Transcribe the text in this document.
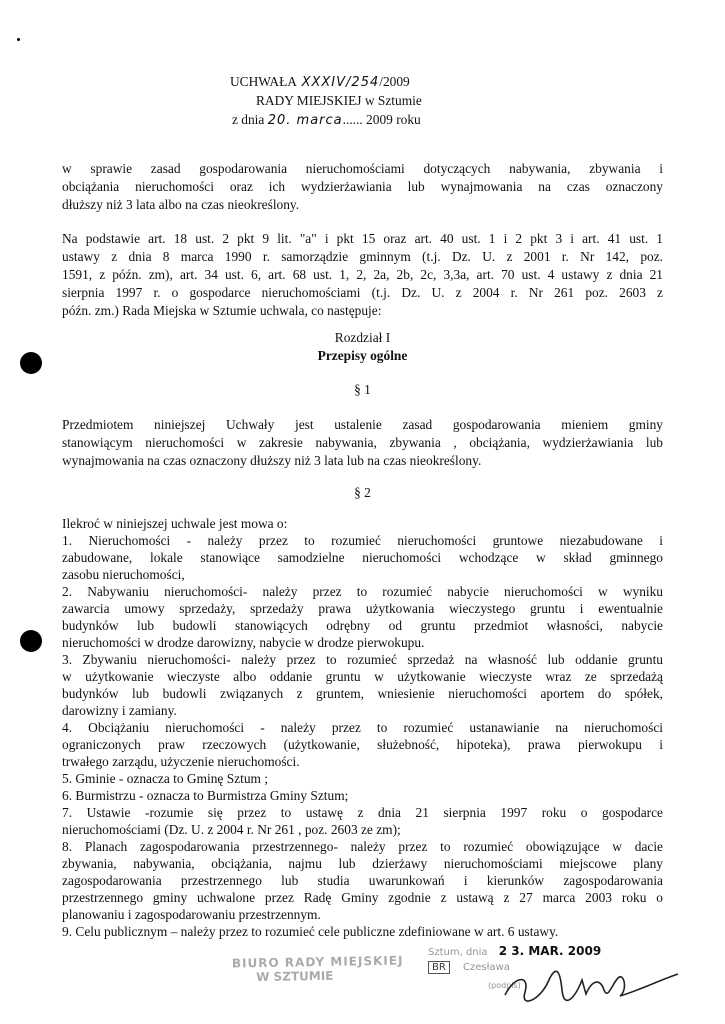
UCHWAŁA XXXIV/254/2009
RADY MIEJSKIEJ w Sztumie
z dnia 20. marca...... 2009 roku
w sprawie zasad gospodarowania nieruchomościami dotyczących nabywania, zbywania i
obciążania nieruchomości oraz ich wydzierżawiania lub wynajmowania na czas oznaczony
dłuższy niż 3 lata albo na czas nieokreślony.
Na podstawie art. 18 ust. 2 pkt 9 lit. "a" i pkt 15 oraz art. 40 ust. 1 i 2 pkt 3 i art. 41 ust. 1
ustawy z dnia 8 marca 1990 r. samorządzie gminnym (t.j. Dz. U. z 2001 r. Nr 142, poz.
1591, z późn. zm), art. 34 ust. 6, art. 68 ust. 1, 2, 2a, 2b, 2c, 3,3a, art. 70 ust. 4 ustawy z dnia 21
sierpnia 1997 r. o gospodarce nieruchomościami (t.j. Dz. U. z 2004 r. Nr 261 poz. 2603 z
późn. zm.) Rada Miejska w Sztumie uchwala, co następuje:
Rozdział I
Przepisy ogólne
§ 1
Przedmiotem niniejszej Uchwały jest ustalenie zasad gospodarowania mieniem gminy
stanowiącym nieruchomości w zakresie nabywania, zbywania , obciążania, wydzierżawiania lub
wynajmowania na czas oznaczony dłuższy niż 3 lata lub na czas nieokreślony.
§ 2
Ilekroć w niniejszej uchwale jest mowa o:
1. Nieruchomości - należy przez to rozumieć nieruchomości gruntowe niezabudowane i
zabudowane, lokale stanowiące samodzielne nieruchomości wchodzące w skład gminnego
zasobu nieruchomości,
2. Nabywaniu nieruchomości- należy przez to rozumieć nabycie nieruchomości w wyniku
zawarcia umowy sprzedaży, sprzedaży prawa użytkowania wieczystego gruntu i ewentualnie
budynków lub budowli stanowiących odrębny od gruntu przedmiot własności, nabycie
nieruchomości w drodze darowizny, nabycie w drodze pierwokupu.
3. Zbywaniu nieruchomości- należy przez to rozumieć sprzedaż na własność lub oddanie gruntu
w użytkowanie wieczyste albo oddanie gruntu w użytkowanie wieczyste wraz ze sprzedażą
budynków lub budowli związanych z gruntem, wniesienie nieruchomości aportem do spółek,
darowizny i zamiany.
4. Obciążaniu nieruchomości - należy przez to rozumieć ustanawianie na nieruchomości
ograniczonych praw rzeczowych (użytkowanie, służebność, hipoteka), prawa pierwokupu i
trwałego zarządu, użyczenie nieruchomości.
5. Gminie - oznacza to Gminę Sztum ;
6. Burmistrzu - oznacza to Burmistrza Gminy Sztum;
7. Ustawie -rozumie się przez to ustawę z dnia 21 sierpnia 1997 roku o gospodarce
nieruchomościami (Dz. U. z 2004 r. Nr 261 , poz. 2603 ze zm);
8. Planach zagospodarowania przestrzennego- należy przez to rozumieć obowiązujące w dacie
zbywania, nabywania, obciążania, najmu lub dzierżawy nieruchomościami miejscowe plany
zagospodarowania przestrzennego lub studia uwarunkowań i kierunków zagospodarowania
przestrzennego gminy uchwalone przez Radę Gminy zgodnie z ustawą z 27 marca 2003 roku o
planowaniu i zagospodarowaniu przestrzennym.
9. Celu publicznym – należy przez to rozumieć cele publiczne zdefiniowane w art. 6 ustawy.
BIURO RADY MIEJSKIEJ
W SZTUMIE
Sztum, dnia 2 3. MAR. 2009
BR Czesława
(podpis)
